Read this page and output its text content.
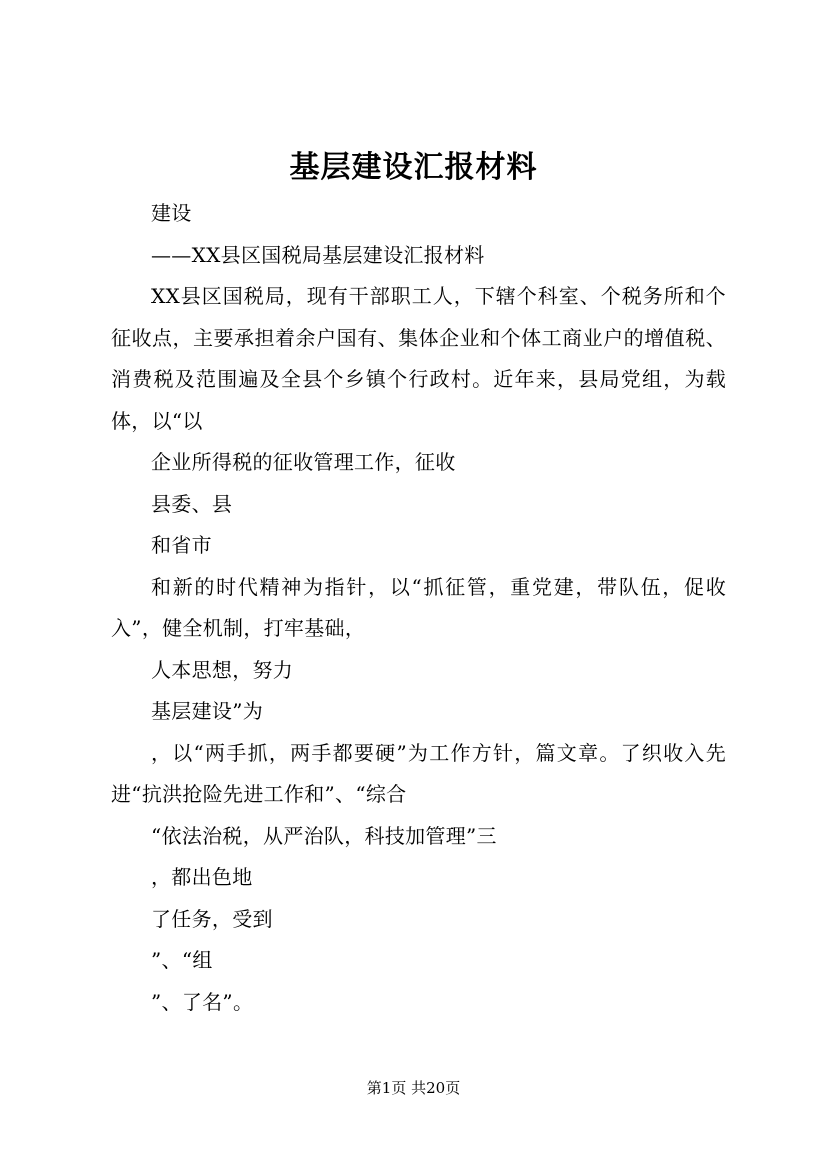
基层建设汇报材料

建设

——XX县区国税局基层建设汇报材料

XX县区国税局，现有干部职工人，下辖个科室、个税务所和个征收点，主要承担着余户国有、集体企业和个体工商业户的增值税、消费税及范围遍及全县个乡镇个行政村。近年来，县局党组，为载体，以“以

企业所得税的征收管理工作，征收

县委、县

和省市

和新的时代精神为指针，以“抓征管，重党建，带队伍，促收入”，健全机制，打牢基础，

人本思想，努力

基层建设”为

，以“两手抓，两手都要硬”为工作方针，篇文章。了织收入先进“抗洪抢险先进工作和”、“综合

“依法治税，从严治队，科技加管理”三

，都出色地

了任务，受到

”、“组

”、了名”。

第1页 共20页
